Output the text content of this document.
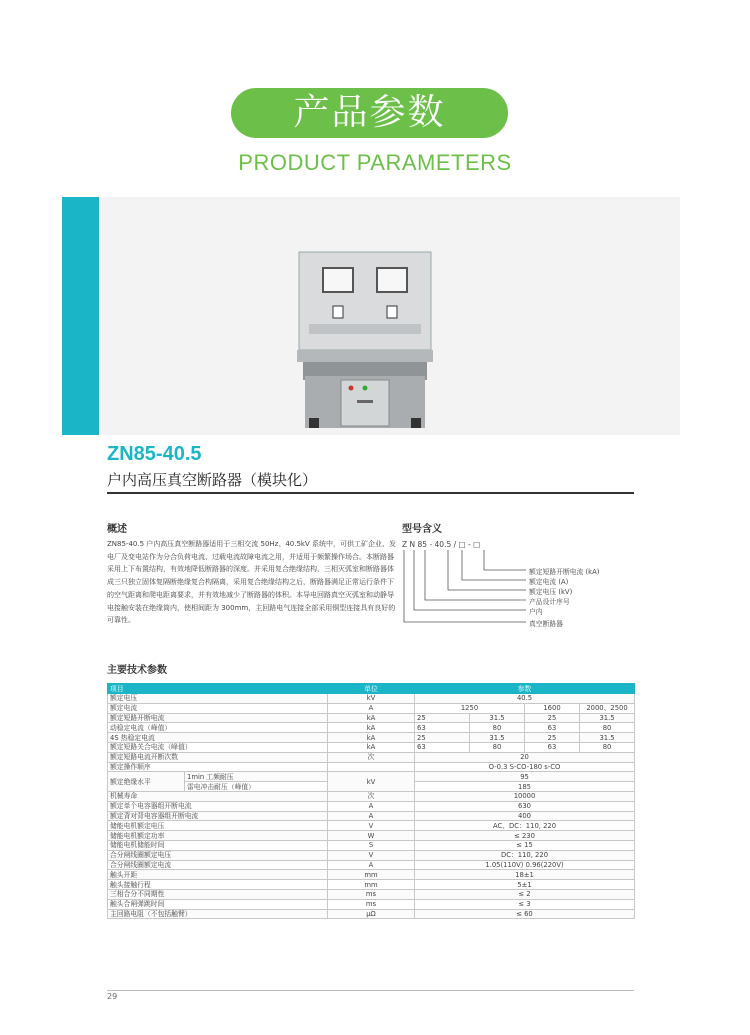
产品参数
PRODUCT PARAMETERS
ZN85-40.5
户内高压真空断路器（模块化）
概述
ZN85-40.5 户内高压真空断路器适用于三相交流 50Hz、40.5kV 系统中，可供工矿企业、发电厂及变电站作为分合负荷电流、过载电流故障电流之用，并适用于频繁操作场合。本断路器采用上下布置结构，有效地降低断路器的深度。并采用复合绝缘结构，三相灭弧室和断路器体成三只独立固体复隔断绝缘复合构隔离，采用复合绝缘结构之后，断路器满足正常运行条件下的空气距离和爬电距离要求，并有效地减少了断路器的体积。本导电回路真空灭弧室和动静导电接触安装在绝缘筒内，使相间距为 300mm，主回路电气连接全部采用铜型连接具有良好的可靠性。
型号含义
Z N 85 - 40.5 / □ - □
额定短路开断电流 (kA)
额定电流 (A)
额定电压 (kV)
产品设计序号
户内
真空断路器
主要技术参数
项目		单位	参数			
额定电压		kV	40.5			
额定电流		A	1250		1600	2000、2500
额定短路开断电流		kA	25	31.5	25	31.5
动稳定电流（峰值）		kA	63	80	63	80
4S 热稳定电流		kA	25	31.5	25	31.5
额定短路关合电流（峰值）		kA	63	80	63	80
额定短路电流开断次数		次	20			
额定操作顺序			O-0.3 S-CO-180 s-CO			
额定绝缘水平	1min 工频耐压	kV	95			
	雷电冲击耐压（峰值）		185			
机械寿命		次	10000			
额定单个电容器组开断电流		A	630			
额定背对背电容器组开断电流		A	400			
储能电机额定电压		V	AC、DC：110, 220			
储能电机额定功率		W	≤ 230			
储能电机储能时间		S	≤ 15			
合分闸线圈额定电压		V	DC：110, 220			
合分闸线圈额定电流		A	1.05(110V) 0.96(220V)			
触头开距		mm	18±1			
触头接触行程		mm	5±1			
三相合分不同期性		ms	≤ 2			
触头合闸弹跳时间		ms	≤ 3			
主回路电阻（不包括触臂）		μΩ	≤ 60			
29
